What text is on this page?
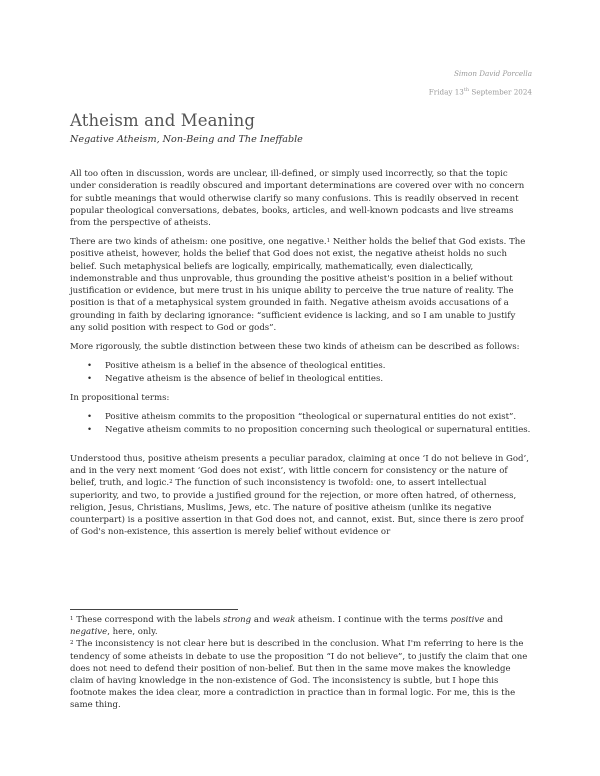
Simon David Porcella
Friday 13th September 2024
Atheism and Meaning
Negative Atheism, Non-Being and The Ineffable

All too often in discussion, words are unclear, ill-defined, or simply used incorrectly, so that the topic under consideration is readily obscured and important determinations are covered over with no concern for subtle meanings that would otherwise clarify so many confusions. This is readily observed in recent popular theological conversations, debates, books, articles, and well-known podcasts and live streams from the perspective of atheists.

There are two kinds of atheism: one positive, one negative.$^1$ Neither holds the belief that God exists. The positive atheist, however, holds the belief that God does not exist, the negative atheist holds no such belief. Such metaphysical beliefs are logically, empirically, mathematically, even dialectically, indemonstrable and thus unprovable, thus grounding the positive atheist's position in a belief without justification or evidence, but mere trust in his unique ability to perceive the true nature of reality. The position is that of a metaphysical system grounded in faith. Negative atheism avoids accusations of a grounding in faith by declaring ignorance: “sufficient evidence is lacking, and so I am unable to justify any solid position with respect to God or gods”.

More rigorously, the subtle distinction between these two kinds of atheism can be described as follows:

• Positive atheism is a belief in the absence of theological entities.
• Negative atheism is the absence of belief in theological entities.

In propositional terms:

• Positive atheism commits to the proposition “theological or supernatural entities do not exist”.
• Negative atheism commits to no proposition concerning such theological or supernatural entities.

Understood thus, positive atheism presents a peculiar paradox, claiming at once ‘I do not believe in God’, and in the very next moment ‘God does not exist’, with little concern for consistency or the nature of belief, truth, and logic.$^2$ The function of such inconsistency is twofold: one, to assert intellectual superiority, and two, to provide a justified ground for the rejection, or more often hatred, of otherness, religion, Jesus, Christians, Muslims, Jews, etc. The nature of positive atheism (unlike its negative counterpart) is a positive assertion in that God does not, and cannot, exist. But, since there is zero proof of God's non-existence, this assertion is merely belief without evidence or

$^1$ These correspond with the labels strong and weak atheism. I continue with the terms positive and negative, here, only.

$^2$ The inconsistency is not clear here but is described in the conclusion. What I'm referring to here is the tendency of some atheists in debate to use the proposition “I do not believe”, to justify the claim that one does not need to defend their position of non-belief. But then in the same move makes the knowledge claim of having knowledge in the non-existence of God. The inconsistency is subtle, but I hope this footnote makes the idea clear, more a contradiction in practice than in formal logic. For me, this is the same thing.
